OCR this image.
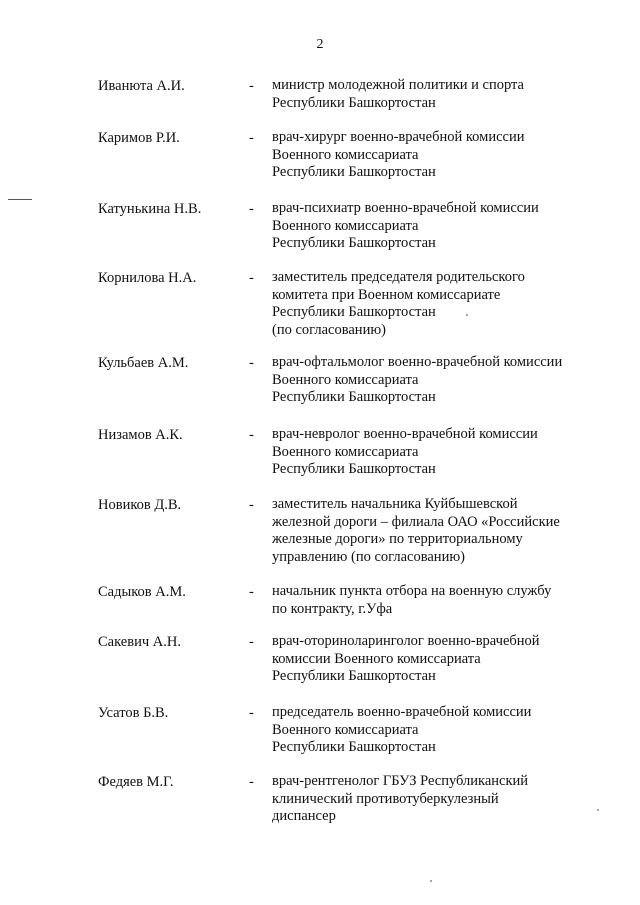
2
Иванюта А.И.	- министр молодежной политики и спорта
Республики Башкортостан
Каримов Р.И.	- врач-хирург военно-врачебной комиссии
Военного комиссариата
Республики Башкортостан
Катунькина Н.В.	- врач-психиатр военно-врачебной комиссии
Военного комиссариата
Республики Башкортостан
Корнилова Н.А.	- заместитель председателя родительского
комитета при Военном комиссариате
Республики Башкортостан
(по согласованию)
Кульбаев А.М.	- врач-офтальмолог военно-врачебной комиссии
Военного комиссариата
Республики Башкортостан
Низамов А.К.	- врач-невролог военно-врачебной комиссии
Военного комиссариата
Республики Башкортостан
Новиков Д.В.	- заместитель начальника Куйбышевской
железной дороги – филиала ОАО «Российские
железные дороги» по территориальному
управлению (по согласованию)
Садыков А.М.	- начальник пункта отбора на военную службу
по контракту, г.Уфа
Сакевич А.Н.	- врач-оториноларинголог военно-врачебной
комиссии Военного комиссариата
Республики Башкортостан
Усатов Б.В.	- председатель военно-врачебной комиссии
Военного комиссариата
Республики Башкортостан
Федяев М.Г.	- врач-рентгенолог ГБУЗ Республиканский
клинический противотуберкулезный
диспансер
